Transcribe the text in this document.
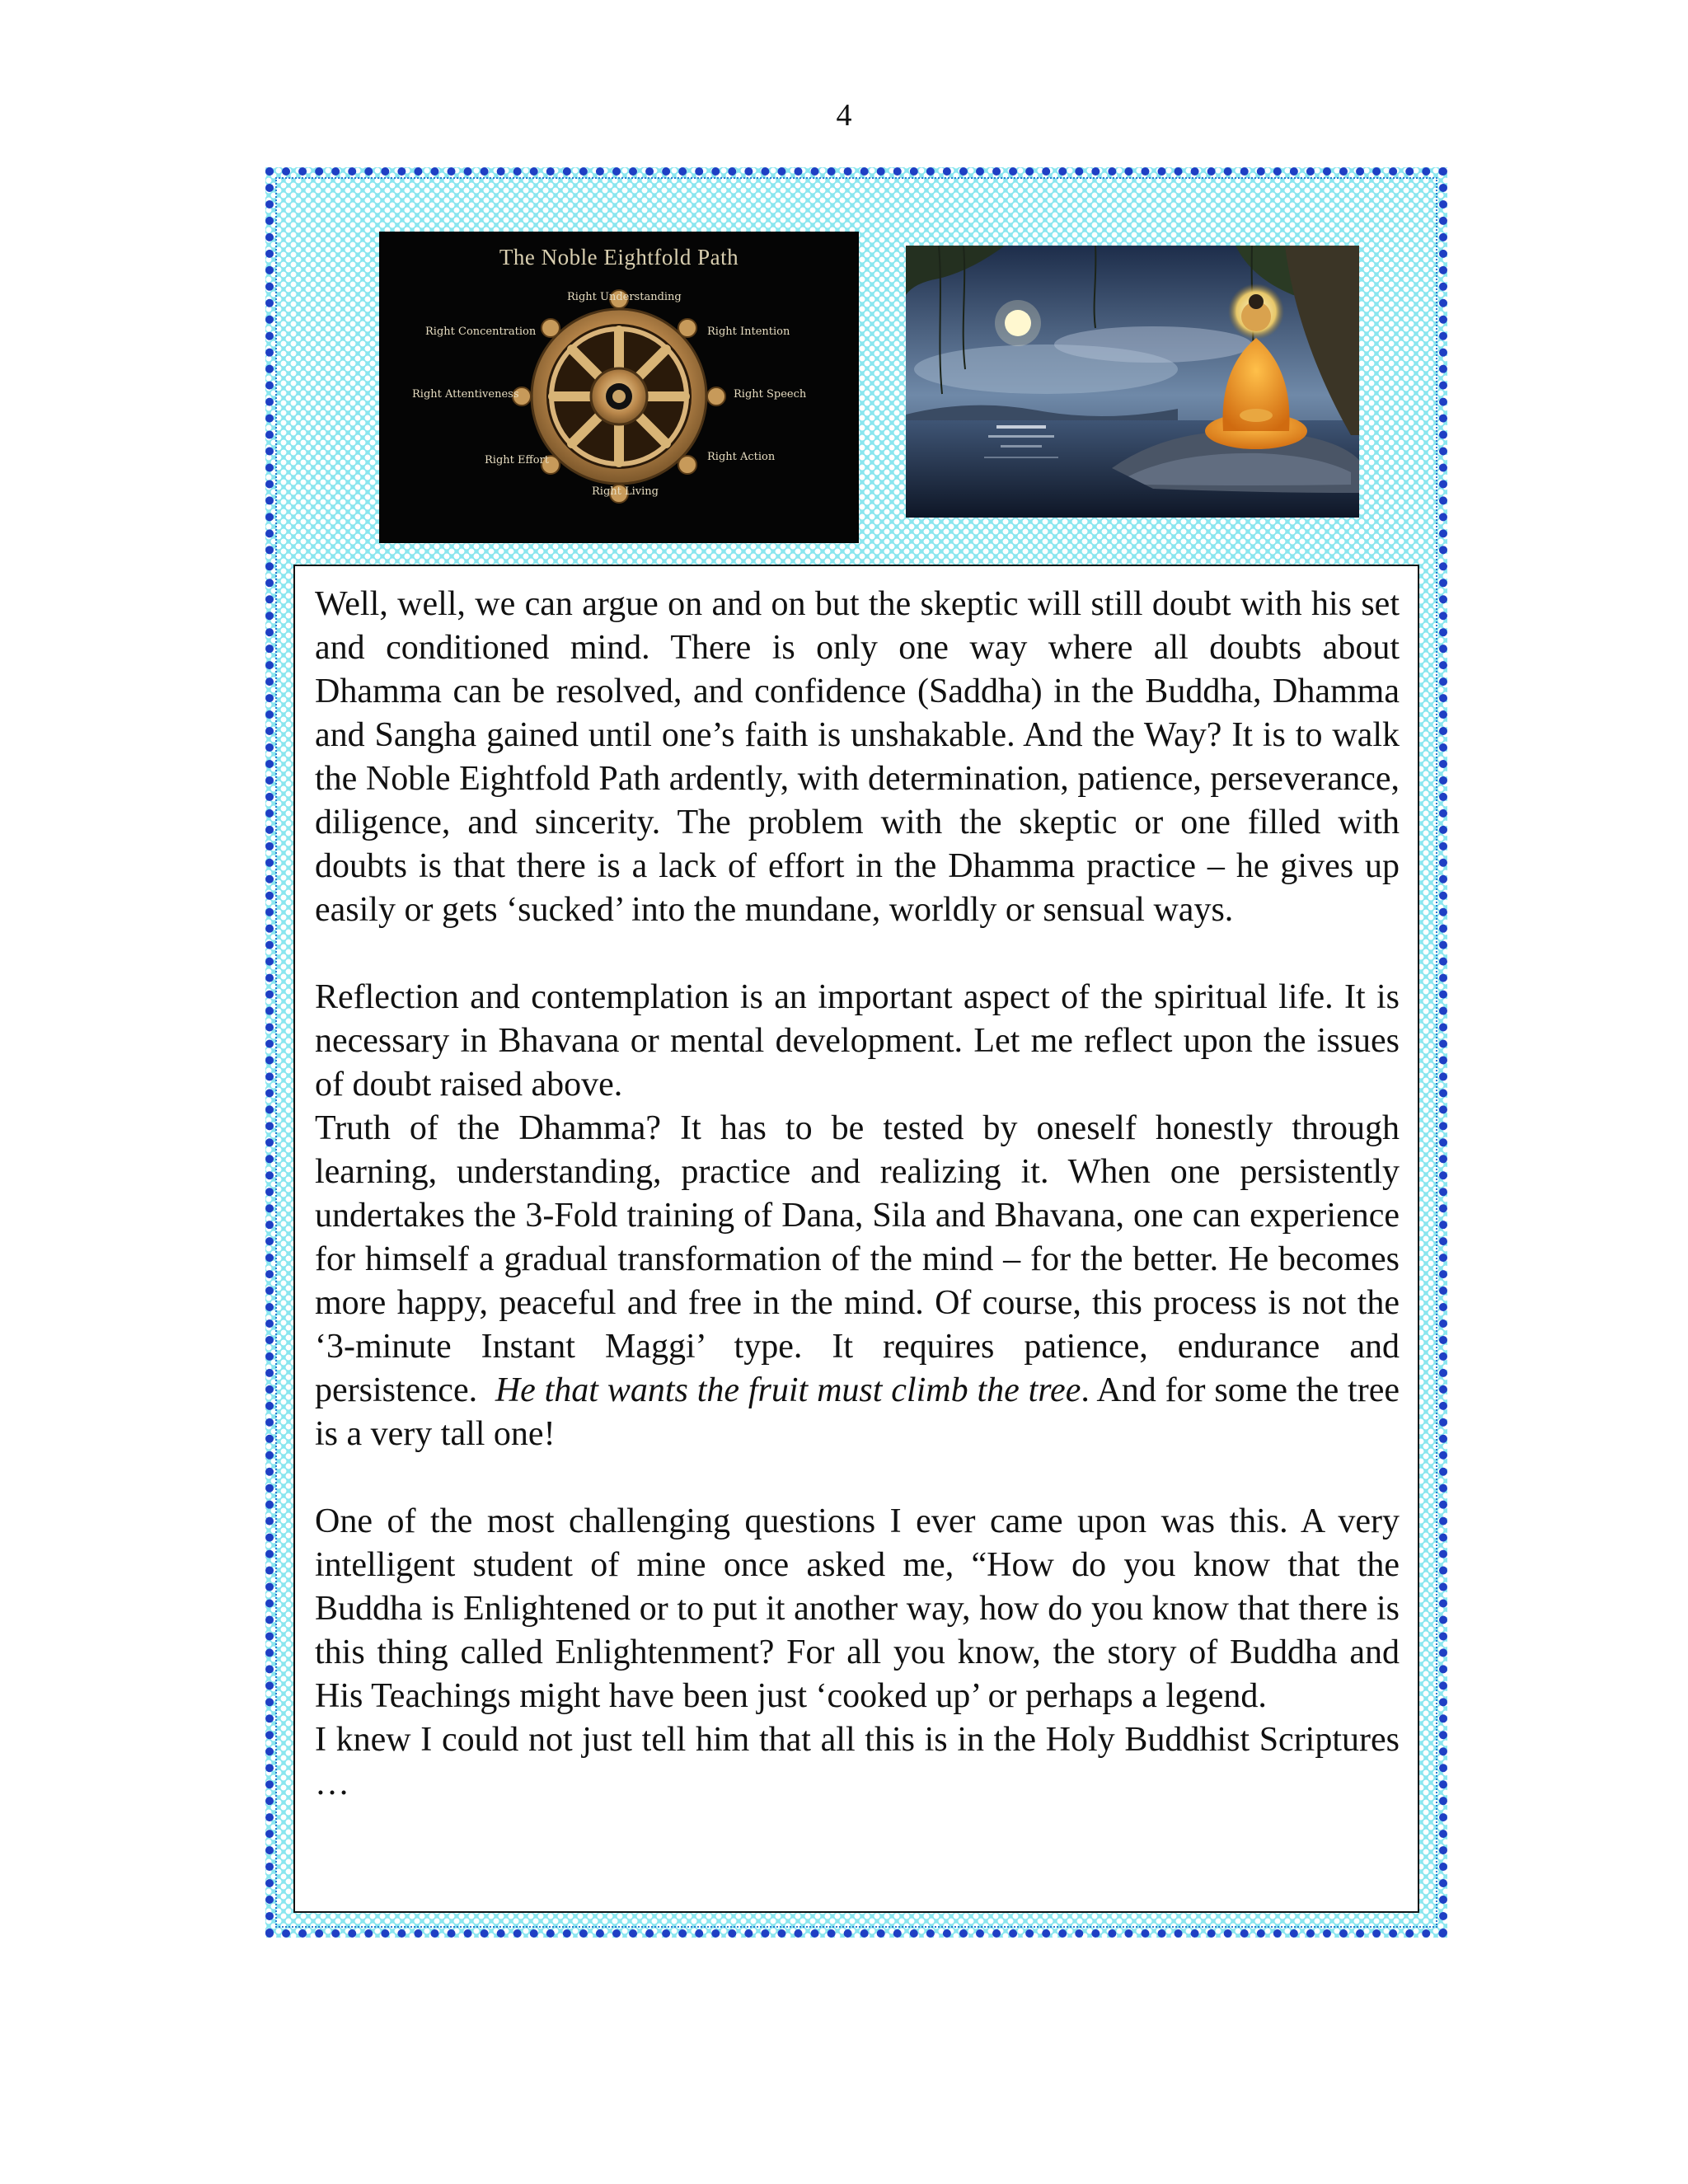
4
The Noble Eightfold Path
Right Understanding
Right Intention
Right Speech
Right Action
Right Living
Right Effort
Right Attentiveness
Right Concentration

Well, well, we can argue on and on but the skeptic will still doubt with his set and conditioned mind. There is only one way where all doubts about Dhamma can be resolved, and confidence (Saddha) in the Buddha, Dhamma and Sangha gained until one’s faith is unshakable. And the Way? It is to walk the Noble Eightfold Path ardently, with determination, patience, perseverance, diligence, and sincerity. The problem with the skeptic or one filled with doubts is that there is a lack of effort in the Dhamma practice – he gives up easily or gets ‘sucked’ into the mundane, worldly or sensual ways.

Reflection and contemplation is an important aspect of the spiritual life. It is necessary in Bhavana or mental development. Let me reflect upon the issues of doubt raised above.

Truth of the Dhamma? It has to be tested by oneself honestly through learning, understanding, practice and realizing it. When one persistently undertakes the 3-Fold training of Dana, Sila and Bhavana, one can experience for himself a gradual transformation of the mind – for the better. He becomes more happy, peaceful and free in the mind. Of course, this process is not the ‘3-minute Instant Maggi’ type. It requires patience, endurance and persistence. He that wants the fruit must climb the tree. And for some the tree is a very tall one!

One of the most challenging questions I ever came upon was this. A very intelligent student of mine once asked me, “How do you know that the Buddha is Enlightened or to put it another way, how do you know that there is this thing called Enlightenment? For all you know, the story of Buddha and His Teachings might have been just ‘cooked up’ or perhaps a legend.

I knew I could not just tell him that all this is in the Holy Buddhist Scriptures …
